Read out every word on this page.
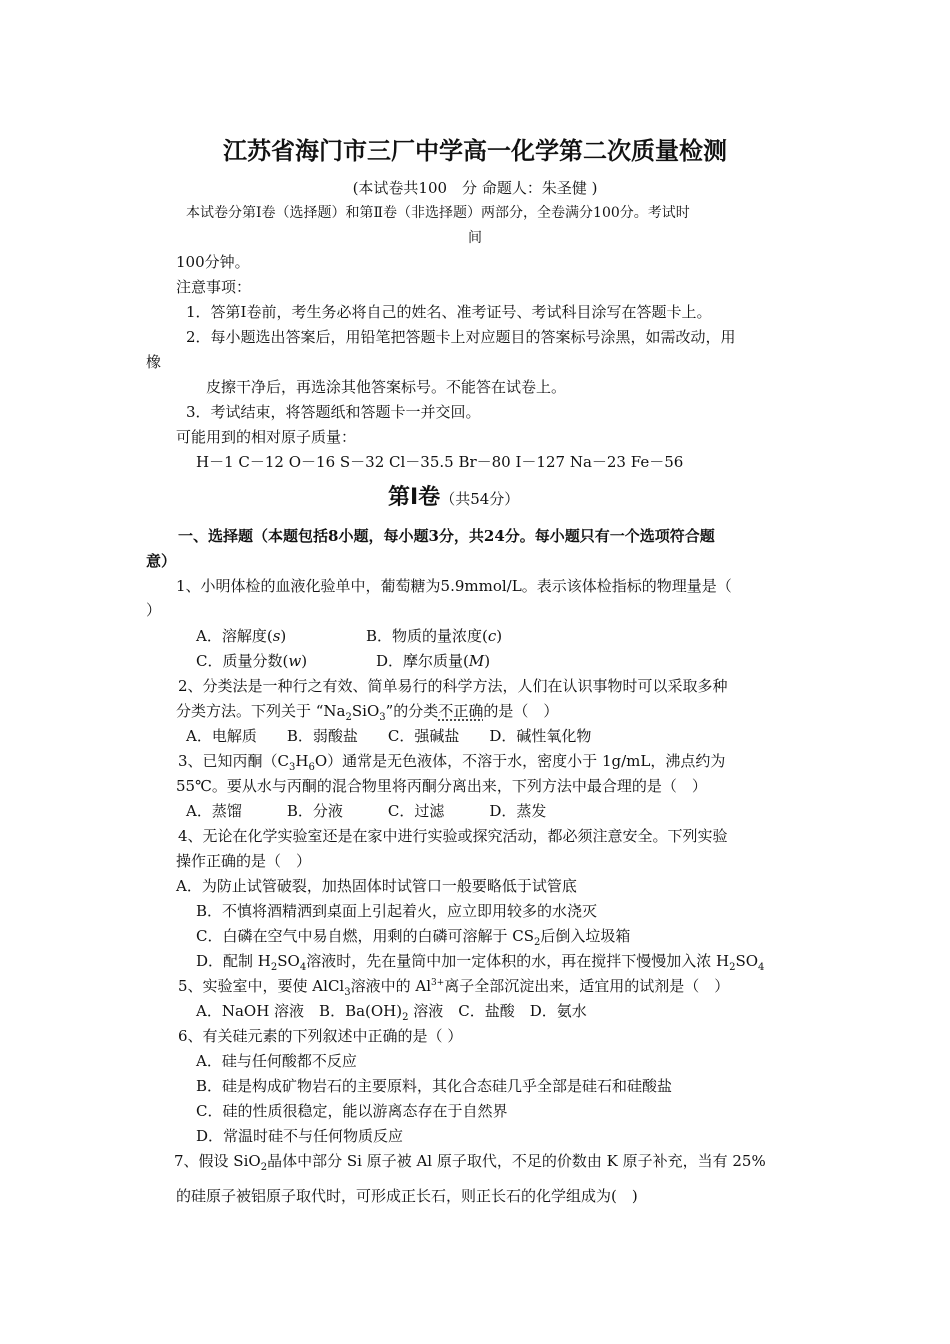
江苏省海门市三厂中学高一化学第二次质量检测
(本试卷共100　分 命题人：朱圣健 )
本试卷分第Ⅰ卷（选择题）和第Ⅱ卷（非选择题）两部分，全卷满分100分。考试时
间
100分钟。
注意事项：
1．答第Ⅰ卷前，考生务必将自己的姓名、准考证号、考试科目涂写在答题卡上。
2．每小题选出答案后，用铅笔把答题卡上对应题目的答案标号涂黑，如需改动，用
橡
皮擦干净后，再选涂其他答案标号。不能答在试卷上。
3．考试结束，将答题纸和答题卡一并交回。
可能用到的相对原子质量：
H－1 C－12 O－16 S－32 Cl－35.5 Br－80 I－127 Na－23 Fe－56
第Ⅰ卷（共54分）
一、选择题（本题包括8小题，每小题3分，共24分。每小题只有一个选项符合题
意）
1、小明体检的血液化验单中，葡萄糖为5.9mmol/L。表示该体检指标的物理量是（
）
A．溶解度(s)	B．物质的量浓度(c)
C．质量分数(w)	D．摩尔质量(M)
2、分类法是一种行之有效、简单易行的科学方法，人们在认识事物时可以采取多种
分类方法。下列关于 “$Na_2SiO_3$”的分类不正确的是（　）
A．电解质　　B．弱酸盐　　C．强碱盐　　D．碱性氧化物
3、已知丙酮$(C_3H_6O)$通常是无色液体，不溶于水，密度小于 1g/mL，沸点约为
55℃。要从水与丙酮的混合物里将丙酮分离出来，下列方法中最合理的是（　）
A．蒸馏　　　B．分液　　　C．过滤　　　D．蒸发
4、无论在化学实验室还是在家中进行实验或探究活动，都必须注意安全。下列实验
操作正确的是（　）
A．为防止试管破裂，加热固体时试管口一般要略低于试管底
B．不慎将酒精洒到桌面上引起着火，应立即用较多的水浇灭
C．白磷在空气中易自燃，用剩的白磷可溶解于 $CS_2$后倒入垃圾箱
D．配制 $H_2SO_4$溶液时，先在量筒中加一定体积的水，再在搅拌下慢慢加入浓 $H_2SO_4$
5、实验室中，要使 AlCl$_3$溶液中的 $Al^{3+}$离子全部沉淀出来，适宜用的试剂是（　）
A．NaOH 溶液　B．$Ba(OH)_2$ 溶液　C．盐酸　D．氨水
6、有关硅元素的下列叙述中正确的是（ ）
A．硅与任何酸都不反应
B．硅是构成矿物岩石的主要原料，其化合态硅几乎全部是硅石和硅酸盐
C．硅的性质很稳定，能以游离态存在于自然界
D．常温时硅不与任何物质反应
7、假设 SiO$_2$晶体中部分 Si 原子被 Al 原子取代，不足的价数由 K 原子补充，当有 25%
的硅原子被铝原子取代时，可形成正长石，则正长石的化学组成为(　)
